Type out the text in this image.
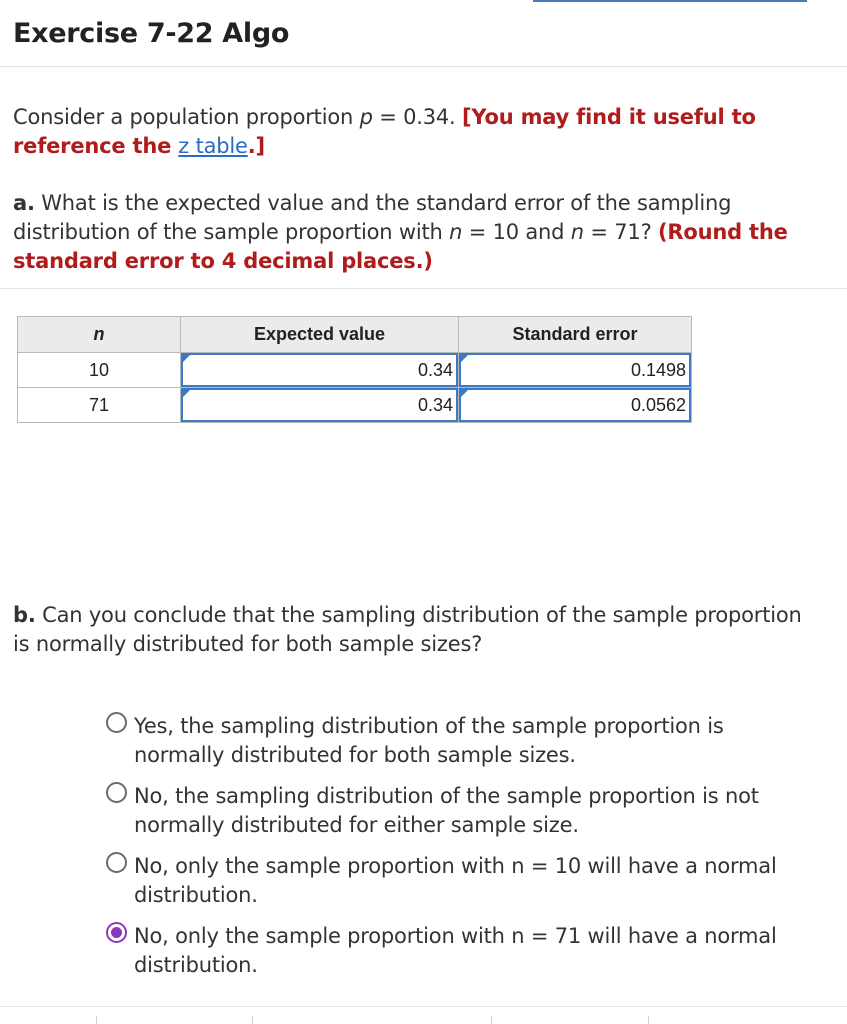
Exercise 7-22 Algo

Consider a population proportion p = 0.34. [You may find it useful to reference the z table.]

a. What is the expected value and the standard error of the sampling distribution of the sample proportion with n = 10 and n = 71? (Round the standard error to 4 decimal places.)

n	Expected value	Standard error
10	0.34	0.1498

71	0.34	0.0562

b. Can you conclude that the sampling distribution of the sample proportion is normally distributed for both sample sizes?

Yes, the sampling distribution of the sample proportion is normally distributed for both sample sizes.
No, the sampling distribution of the sample proportion is not normally distributed for either sample size.
No, only the sample proportion with n = 10 will have a normal distribution.
No, only the sample proportion with n = 71 will have a normal distribution.
